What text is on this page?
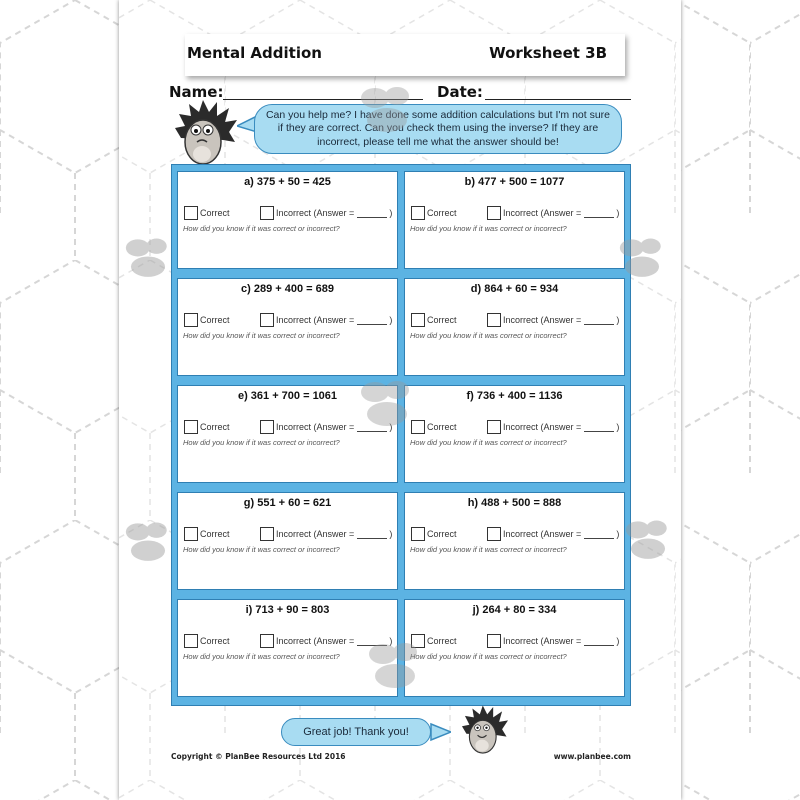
Mental Addition	Worksheet 3B
Name:	Date:
Can you help me? I have done some addition calculations but I'm not sure if they are correct. Can you check them using the inverse? If they are incorrect, please tell me what the answer should be!
a) 375 + 50 = 425
Correct	Incorrect (Answer =	)
How did you know if it was correct or incorrect?
b) 477 + 500 = 1077
Correct	Incorrect (Answer =	)
How did you know if it was correct or incorrect?
c) 289 + 400 = 689
Correct	Incorrect (Answer =	)
How did you know if it was correct or incorrect?
d) 864 + 60 = 934
Correct	Incorrect (Answer =	)
How did you know if it was correct or incorrect?
e) 361 + 700 = 1061
Correct	Incorrect (Answer =	)
How did you know if it was correct or incorrect?
f) 736 + 400 = 1136
Correct	Incorrect (Answer =	)
How did you know if it was correct or incorrect?
g) 551 + 60 = 621
Correct	Incorrect (Answer =	)
How did you know if it was correct or incorrect?
h) 488 + 500 = 888
Correct	Incorrect (Answer =	)
How did you know if it was correct or incorrect?
i) 713 + 90 = 803
Correct	Incorrect (Answer =	)
How did you know if it was correct or incorrect?
j) 264 + 80 = 334
Correct	Incorrect (Answer =	)
How did you know if it was correct or incorrect?
Great job! Thank you!
Copyright © PlanBee Resources Ltd 2016	www.planbee.com
